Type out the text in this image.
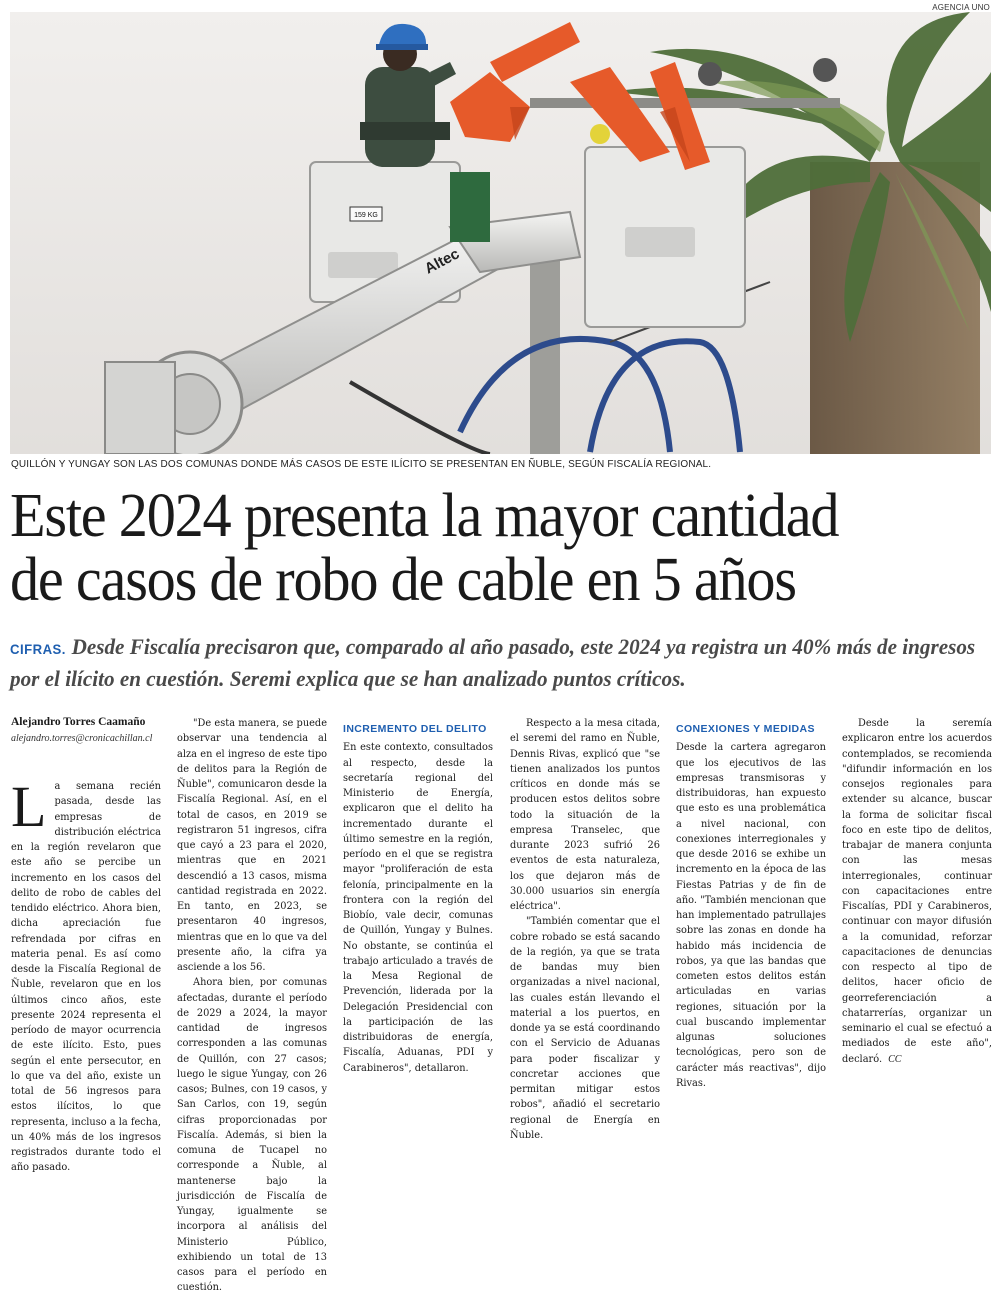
AGENCIA UNO
159 KG
Altec
QUILLÓN Y YUNGAY SON LAS DOS COMUNAS DONDE MÁS CASOS DE ESTE ILÍCITO SE PRESENTAN EN ÑUBLE, SEGÚN FISCALÍA REGIONAL.
Este 2024 presenta la mayor cantidad
de casos de robo de cable en 5 años
CIFRAS. Desde Fiscalía precisaron que, comparado al año pasado, este 2024 ya registra un 40% más de ingresos por el ilícito en cuestión. Seremi explica que se han analizado puntos críticos.
Alejandro Torres Caamaño
alejandro.torres@cronicachillan.cl

La semana recién pasada, desde las empresas de distribución eléctrica en la región revelaron que este año se percibe un incremento en los casos del delito de robo de cables del tendido eléctrico. Ahora bien, dicha apreciación fue refrendada por cifras en materia penal. Es así como desde la Fiscalía Regional de Ñuble, revelaron que en los últimos cinco años, este presente 2024 representa el período de mayor ocurrencia de este ilícito. Esto, pues según el ente persecutor, en lo que va del año, existe un total de 56 ingresos para estos ilícitos, lo que representa, incluso a la fecha, un 40% más de los ingresos registrados durante todo el año pasado.

"De esta manera, se puede observar una tendencia al alza en el ingreso de este tipo de delitos para la Región de Ñuble", comunicaron desde la Fiscalía Regional. Así, en el total de casos, en 2019 se registraron 51 ingresos, cifra que cayó a 23 para el 2020, mientras que en 2021 descendió a 13 casos, misma cantidad registrada en 2022. En tanto, en 2023, se presentaron 40 ingresos, mientras que en lo que va del presente año, la cifra ya asciende a los 56.

Ahora bien, por comunas afectadas, durante el período de 2029 a 2024, la mayor cantidad de ingresos corresponden a las comunas de Quillón, con 27 casos; luego le sigue Yungay, con 26 casos; Bulnes, con 19 casos, y San Carlos, con 19, según cifras proporcionadas por Fiscalía. Además, si bien la comuna de Tucapel no corresponde a Ñuble, al mantenerse bajo la jurisdicción de Fiscalía de Yungay, igualmente se incorpora al análisis del Ministerio Público, exhibiendo un total de 13 casos para el período en cuestión.

INCREMENTO DEL DELITO

En este contexto, consultados al respecto, desde la secretaría regional del Ministerio de Energía, explicaron que el delito ha incrementado durante el último semestre en la región, período en el que se registra mayor "proliferación de esta felonía, principalmente en la frontera con la región del Biobío, vale decir, comunas de Quillón, Yungay y Bulnes. No obstante, se continúa el trabajo articulado a través de la Mesa Regional de Prevención, liderada por la Delegación Presidencial con la participación de las distribuidoras de energía, Fiscalía, Aduanas, PDI y Carabineros", detallaron.

Respecto a la mesa citada, el seremi del ramo en Ñuble, Dennis Rivas, explicó que "se tienen analizados los puntos críticos en donde más se producen estos delitos sobre todo la situación de la empresa Transelec, que durante 2023 sufrió 26 eventos de esta naturaleza, los que dejaron más de 30.000 usuarios sin energía eléctrica".

"También comentar que el cobre robado se está sacando de la región, ya que se trata de bandas muy bien organizadas a nivel nacional, las cuales están llevando el material a los puertos, en donde ya se está coordinando con el Servicio de Aduanas para poder fiscalizar y concretar acciones que permitan mitigar estos robos", añadió el secretario regional de Energía en Ñuble.

CONEXIONES Y MEDIDAS

Desde la cartera agregaron que los ejecutivos de las empresas transmisoras y distribuidoras, han expuesto que esto es una problemática a nivel nacional, con conexiones interregionales y que desde 2016 se exhibe un incremento en la época de las Fiestas Patrias y de fin de año. "También mencionan que han implementado patrullajes sobre las zonas en donde ha habido más incidencia de robos, ya que las bandas que cometen estos delitos están articuladas en varias regiones, situación por la cual buscando implementar algunas soluciones tecnológicas, pero son de carácter más reactivas", dijo Rivas.

Desde la seremía explicaron entre los acuerdos contemplados, se recomienda "difundir información en los consejos regionales para extender su alcance, buscar la forma de solicitar fiscal foco en este tipo de delitos, trabajar de manera conjunta con las mesas interregionales, continuar con capacitaciones entre Fiscalías, PDI y Carabineros, continuar con mayor difusión a la comunidad, reforzar capacitaciones de denuncias con respecto al tipo de delitos, hacer oficio de georreferenciación a chatarrerías, organizar un seminario el cual se efectuó a mediados de este año", declaró. CC
